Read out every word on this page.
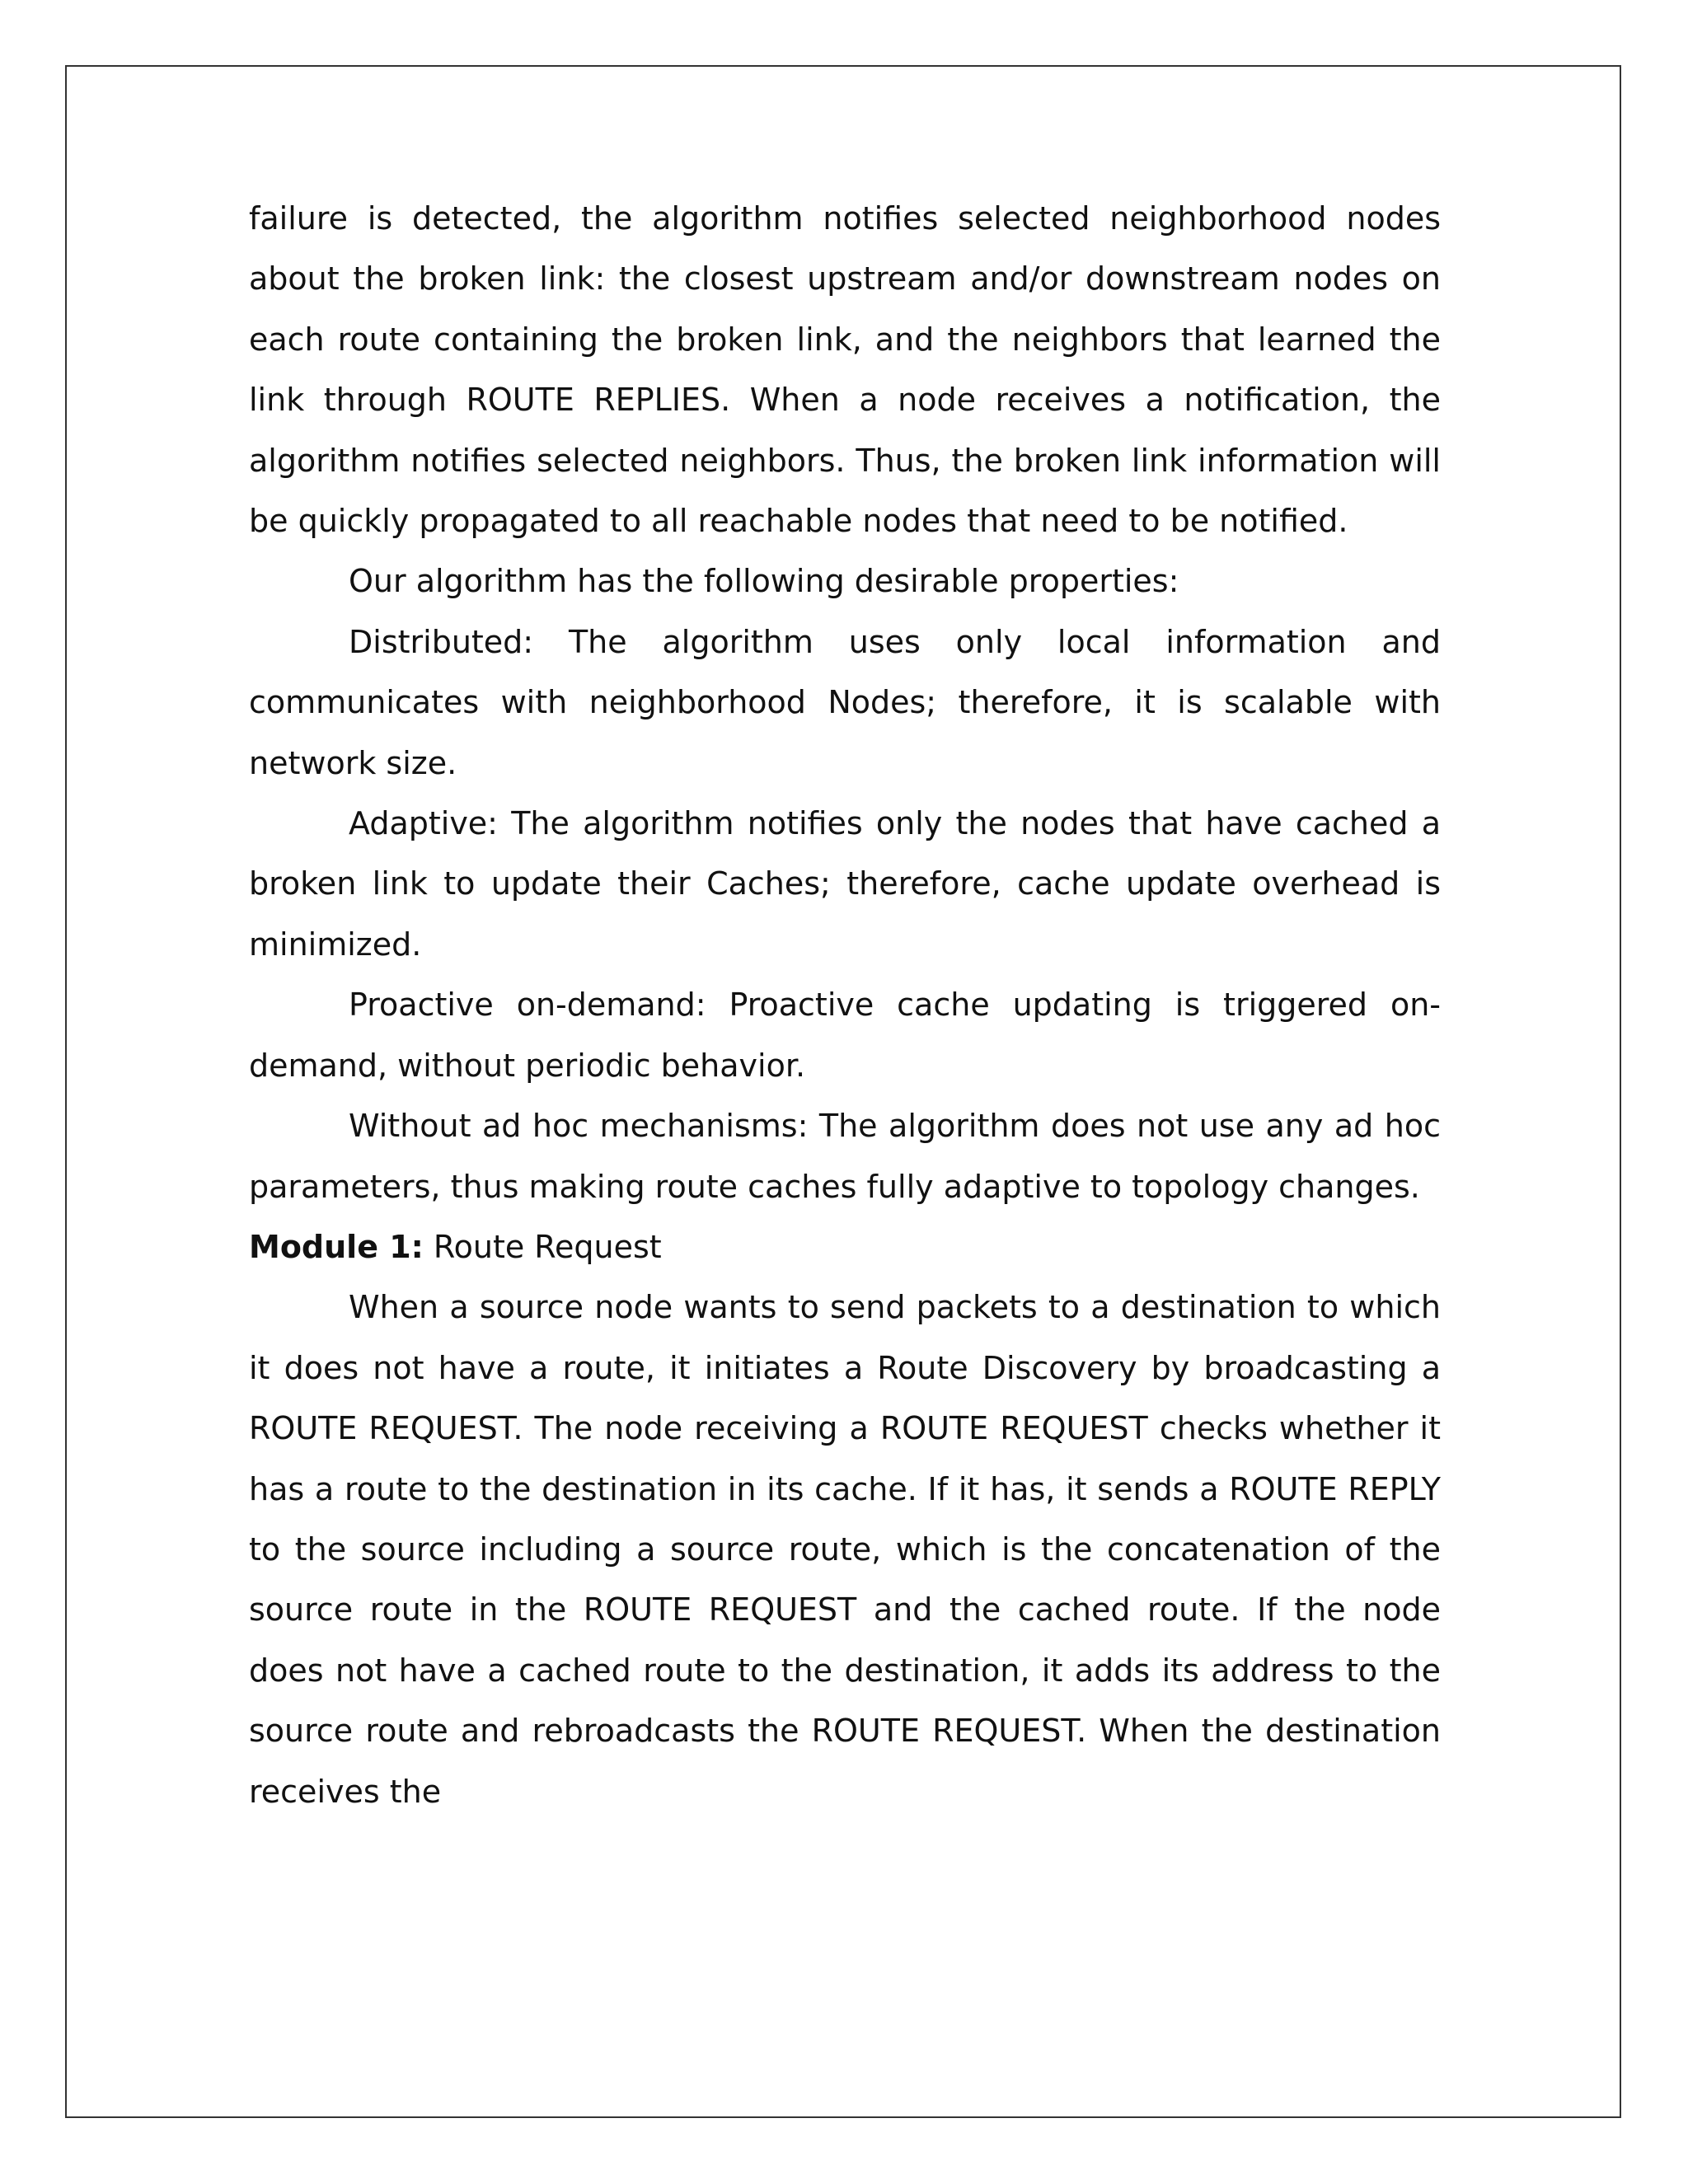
failure is detected, the algorithm notifies selected neighborhood nodes about the broken link: the closest upstream and/or downstream nodes on each route containing the broken link, and the neighbors that learned the link through ROUTE REPLIES. When a node receives a notification, the algorithm notifies selected neighbors. Thus, the broken link information will be quickly propagated to all reachable nodes that need to be notified.

Our algorithm has the following desirable properties:

Distributed: The algorithm uses only local information and communicates with neighborhood Nodes; therefore, it is scalable with network size.

Adaptive: The algorithm notifies only the nodes that have cached a broken link to update their Caches; therefore, cache update overhead is minimized.

Proactive on-demand: Proactive cache updating is triggered on-demand, without periodic behavior.

Without ad hoc mechanisms: The algorithm does not use any ad hoc parameters, thus making route caches fully adaptive to topology changes.

Module 1: Route Request

When a source node wants to send packets to a destination to which it does not have a route, it initiates a Route Discovery by broadcasting a ROUTE REQUEST. The node receiving a ROUTE REQUEST checks whether it has a route to the destination in its cache. If it has, it sends a ROUTE REPLY to the source including a source route, which is the concatenation of the source route in the ROUTE REQUEST and the cached route. If the node does not have a cached route to the destination, it adds its address to the source route and rebroadcasts the ROUTE REQUEST. When the destination receives the
